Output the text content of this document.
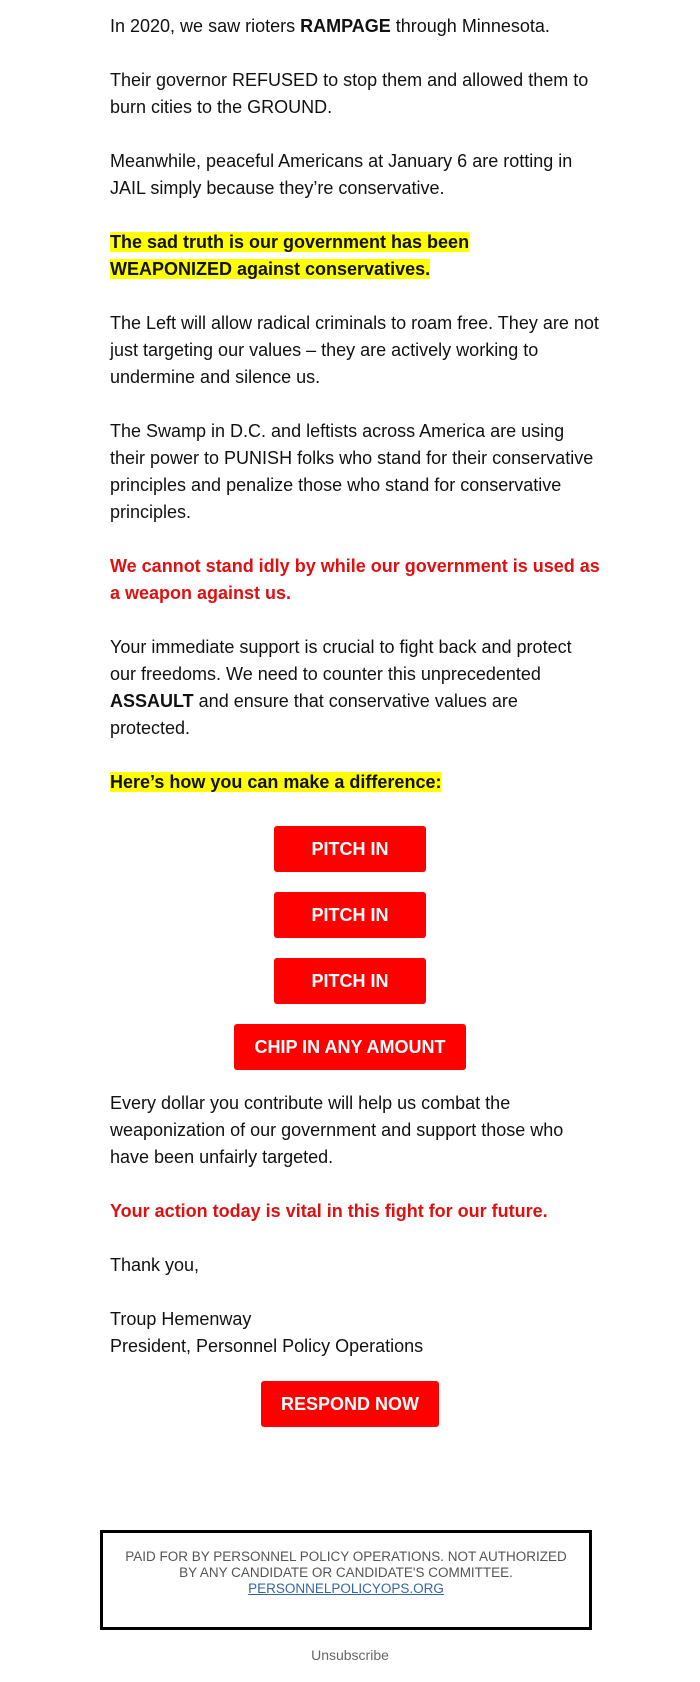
In 2020, we saw rioters RAMPAGE through Minnesota.

Their governor REFUSED to stop them and allowed them to burn cities to the GROUND.

Meanwhile, peaceful Americans at January 6 are rotting in JAIL simply because they’re conservative.

The sad truth is our government has been
WEAPONIZED against conservatives.

The Left will allow radical criminals to roam free. They are not just targeting our values – they are actively working to undermine and silence us.

The Swamp in D.C. and leftists across America are using their power to PUNISH folks who stand for their conservative principles and penalize those who stand for conservative principles.

We cannot stand idly by while our government is used as a weapon against us.

Your immediate support is crucial to fight back and protect our freedoms. We need to counter this unprecedented ASSAULT and ensure that conservative values are protected.

Here’s how you can make a difference:

Every dollar you contribute will help us combat the weaponization of our government and support those who have been unfairly targeted.

Your action today is vital in this fight for our future.

Thank you,

Troup Hemenway
President, Personnel Policy Operations

PITCH IN
PITCH IN
PITCH IN
CHIP IN ANY AMOUNT
RESPOND NOW
PAID FOR BY PERSONNEL POLICY OPERATIONS. NOT AUTHORIZED
BY ANY CANDIDATE OR CANDIDATE'S COMMITTEE.
PERSONNELPOLICYOPS.ORG
Unsubscribe
